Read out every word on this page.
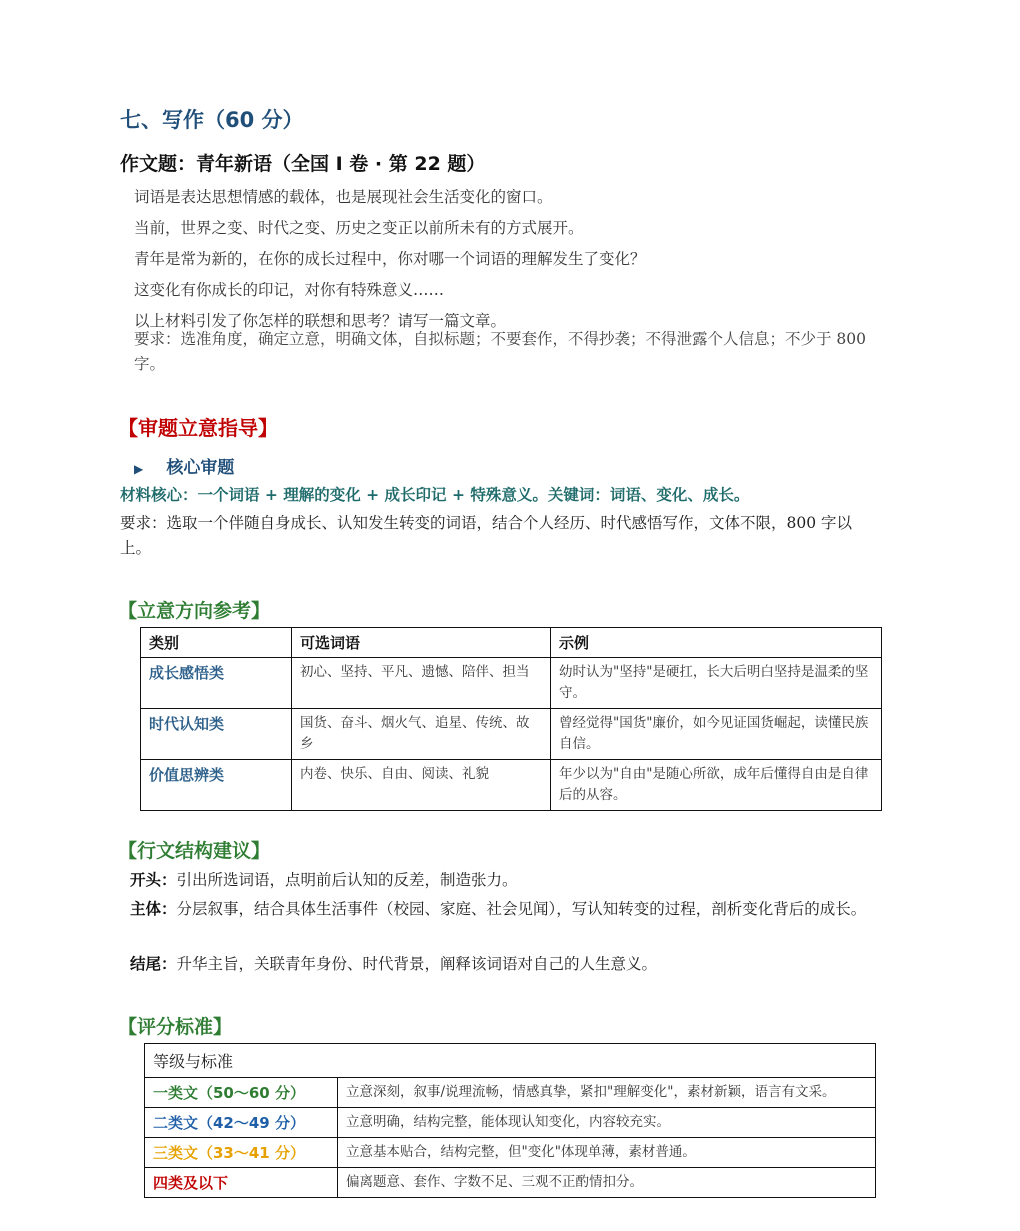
七、写作（60 分）
作文题：青年新语（全国 Ⅰ 卷 · 第 22 题）
词语是表达思想情感的载体，也是展现社会生活变化的窗口。
当前，世界之变、时代之变、历史之变正以前所未有的方式展开。
青年是常为新的，在你的成长过程中，你对哪一个词语的理解发生了变化？
这变化有你成长的印记，对你有特殊意义……
以上材料引发了你怎样的联想和思考？请写一篇文章。
要求：选准角度，确定立意，明确文体，自拟标题；不要套作，不得抄袭；不得泄露个人信息；不少于 800 字。
【审题立意指导】
▶ 核心审题
材料核心：一个词语 + 理解的变化 + 成长印记 + 特殊意义。关键词：词语、变化、成长。
要求：选取一个伴随自身成长、认知发生转变的词语，结合个人经历、时代感悟写作，文体不限，800 字以上。
【立意方向参考】
类别	可选词语	示例
成长感悟类	初心、坚持、平凡、遗憾、陪伴、担当	幼时认为"坚持"是硬扛，长大后明白坚持是温柔的坚守。
时代认知类	国货、奋斗、烟火气、追星、传统、故乡	曾经觉得"国货"廉价，如今见证国货崛起，读懂民族自信。
价值思辨类	内卷、快乐、自由、阅读、礼貌	年少以为"自由"是随心所欲，成年后懂得自由是自律后的从容。
【行文结构建议】
开头：引出所选词语，点明前后认知的反差，制造张力。
主体：分层叙事，结合具体生活事件（校园、家庭、社会见闻），写认知转变的过程，剖析变化背后的成长。
结尾：升华主旨，关联青年身份、时代背景，阐释该词语对自己的人生意义。
【评分标准】
等级与标准	
一类文（50～60 分）	立意深刻，叙事/说理流畅，情感真挚，紧扣"理解变化"，素材新颖，语言有文采。
二类文（42～49 分）	立意明确，结构完整，能体现认知变化，内容较充实。
三类文（33～41 分）	立意基本贴合，结构完整，但"变化"体现单薄，素材普通。
四类及以下	偏离题意、套作、字数不足、三观不正酌情扣分。
